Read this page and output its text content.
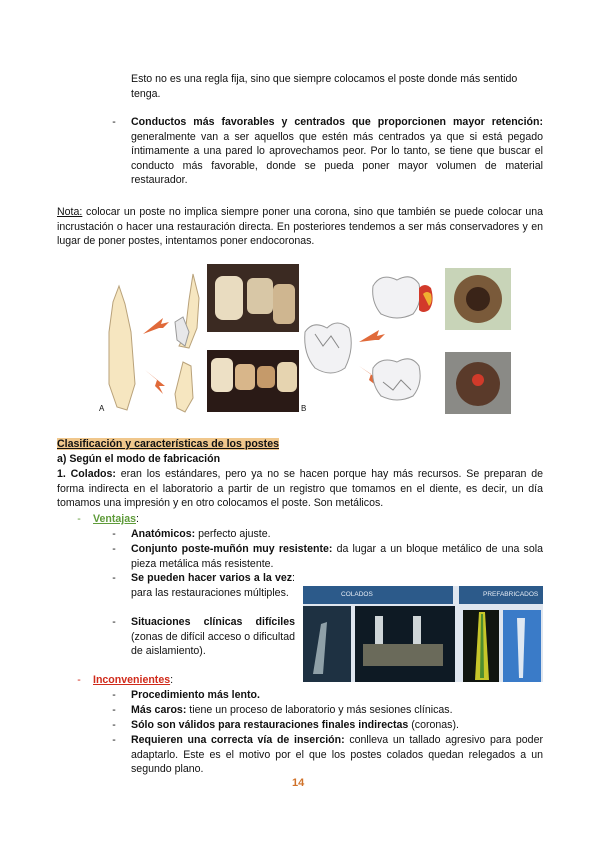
Esto no es una regla fija, sino que siempre colocamos el poste donde más sentido tenga.

-	Conductos más favorables y centrados que proporcionen mayor retención: generalmente van a ser aquellos que estén más centrados ya que si está pegado íntimamente a una pared lo aprovechamos peor. Por lo tanto, se tiene que buscar el conducto más favorable, donde se pueda poner mayor volumen de material restaurador.

Nota: colocar un poste no implica siempre poner una corona, sino que también se puede colocar una incrustación o hacer una restauración directa. En posteriores tendemos a ser más conservadores y en lugar de poner postes, intentamos poner endocoronas.

A	B

Clasificación y características de los postes

a) Según el modo de fabricación

1. Colados: eran los estándares, pero ya no se hacen porque hay más recursos. Se preparan de forma indirecta en el laboratorio a partir de un registro que tomamos en el diente, es decir, un día tomamos una impresión y en otro colocamos el poste. Son metálicos.

-	Ventajas:

-	Anatómicos: perfecto ajuste.

-	Conjunto poste-muñón muy resistente: da lugar a un bloque metálico de una sola pieza metálica más resistente.

-	Se pueden hacer varios a la vez: para las restauraciones múltiples.

-	Situaciones clínicas difíciles (zonas de difícil acceso o dificultad de aislamiento).

COLADOS	PREFABRICADOS
-	Inconvenientes:

-	Procedimiento más lento.

-	Más caros: tiene un proceso de laboratorio y más sesiones clínicas.

-	Sólo son válidos para restauraciones finales indirectas (coronas).

-	Requieren una correcta vía de inserción: conlleva un tallado agresivo para poder adaptarlo. Este es el motivo por el que los postes colados quedan relegados a un segundo plano.

14
